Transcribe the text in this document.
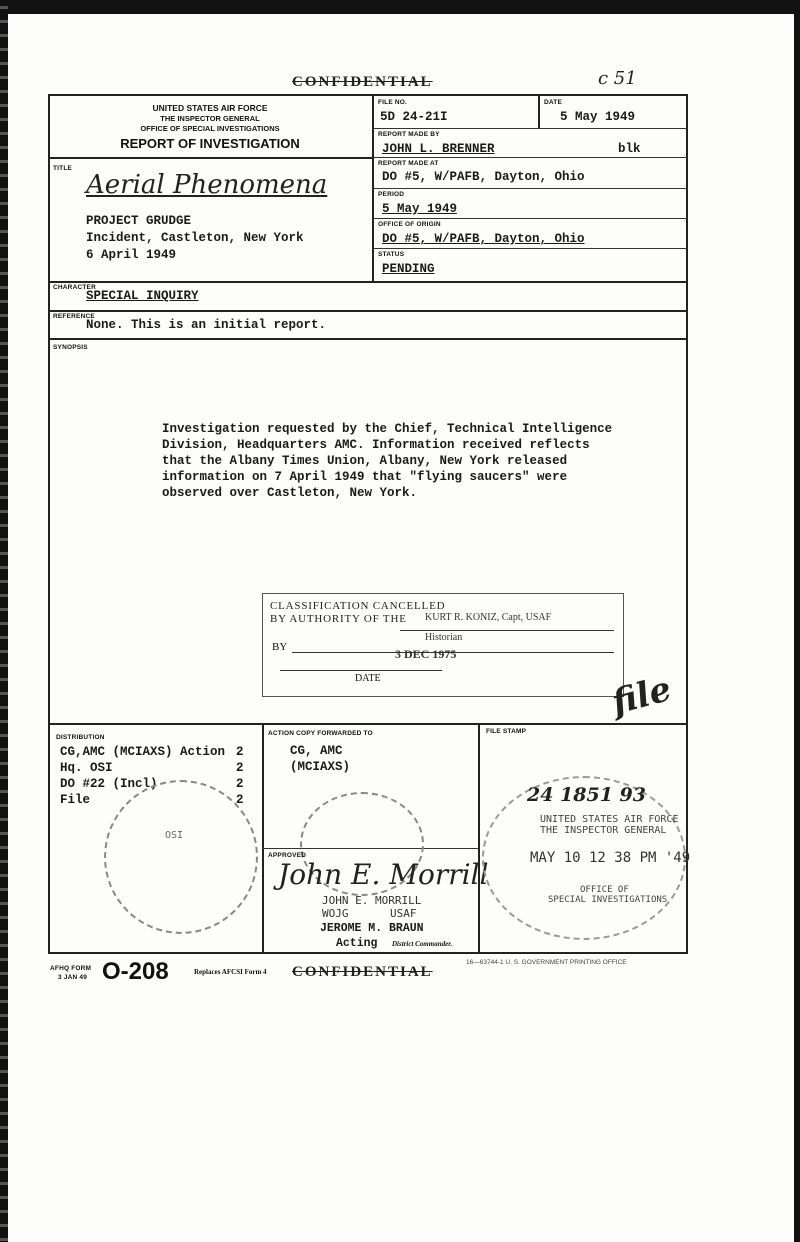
CONFIDENTIAL	c 51
UNITED STATES AIR FORCE
THE INSPECTOR GENERAL
OFFICE OF SPECIAL INVESTIGATIONS
REPORT OF INVESTIGATION
FILE NO.
5D 24-21I
DATE
5 May 1949
REPORT MADE BY
JOHN L. BRENNER	blk
REPORT MADE AT
DO #5, W/PAFB, Dayton, Ohio
PERIOD
5 May 1949
OFFICE OF ORIGIN
DO #5, W/PAFB, Dayton, Ohio
STATUS
PENDING
TITLE
Aerial Phenomena
PROJECT GRUDGE
Incident, Castleton, New York
6 April 1949
CHARACTER
SPECIAL INQUIRY
REFERENCE
None. This is an initial report.
SYNOPSIS
Investigation requested by the Chief, Technical Intelligence
Division, Headquarters AMC. Information received reflects
that the Albany Times Union, Albany, New York released
information on 7 April 1949 that "flying saucers" were
observed over Castleton, New York.
CLASSIFICATION CANCELLED
BY AUTHORITY OF THE KURT R. KONIZ, Capt, USAF
Historian
BY	3 DEC 1975
DATE	file
DISTRIBUTION
CG,AMC (MCIAXS) Action 2
Hq. OSI	2
DO #22 (Incl)	2
File	2
OSI
ACTION COPY FORWARDED TO
CG, AMC
(MCIAXS)
APPROVED
John E. Morrill
JOHN E. MORRILL
WOJG	USAF
JEROME M. BRAUN
Acting District Commander.
FILE STAMP
24 1851 93
UNITED STATES AIR FORCE
THE INSPECTOR GENERAL
MAY 10 12 38 PM '49
OFFICE OF
SPECIAL INVESTIGATIONS
AFHQ FORM
3 JAN 49 O-208	Replaces AFCSI Form 4 CONFIDENTIAL
16—63744-1 U. S. GOVERNMENT PRINTING OFFICE
